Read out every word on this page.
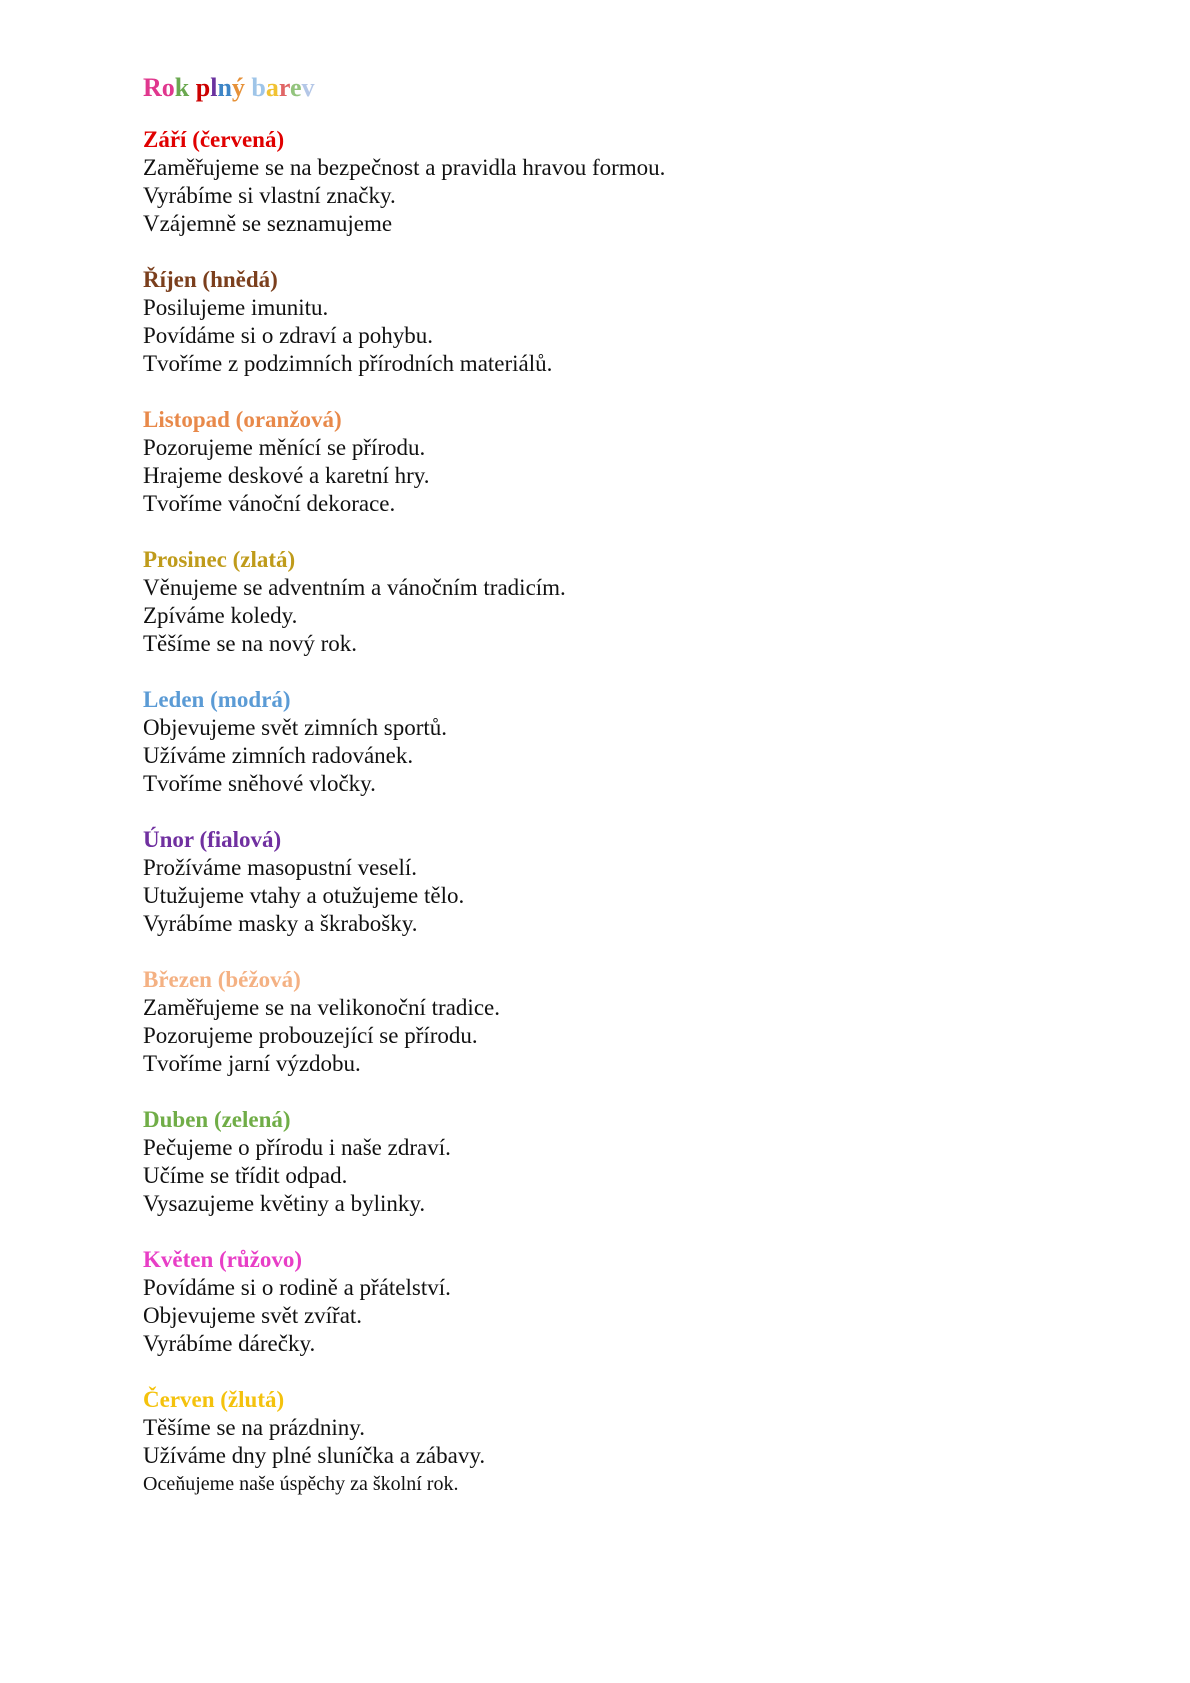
Rok plný barev
Září (červená)
Zaměřujeme se na bezpečnost a pravidla hravou formou.
Vyrábíme si vlastní značky.
Vzájemně se seznamujeme
Říjen (hnědá)
Posilujeme imunitu.
Povídáme si o zdraví a pohybu.
Tvoříme z podzimních přírodních materiálů.
Listopad (oranžová)
Pozorujeme měnící se přírodu.
Hrajeme deskové a karetní hry.
Tvoříme vánoční dekorace.
Prosinec (zlatá)
Věnujeme se adventním a vánočním tradicím.
Zpíváme koledy.
Těšíme se na nový rok.
Leden (modrá)
Objevujeme svět zimních sportů.
Užíváme zimních radovánek.
Tvoříme sněhové vločky.
Únor (fialová)
Prožíváme masopustní veselí.
Utužujeme vtahy a otužujeme tělo.
Vyrábíme masky a škrabošky.
Březen (béžová)
Zaměřujeme se na velikonoční tradice.
Pozorujeme probouzející se přírodu.
Tvoříme jarní výzdobu.
Duben (zelená)
Pečujeme o přírodu i naše zdraví.
Učíme se třídit odpad.
Vysazujeme květiny a bylinky.
Květen (růžovo)
Povídáme si o rodině a přátelství.
Objevujeme svět zvířat.
Vyrábíme dárečky.
Červen (žlutá)
Těšíme se na prázdniny.
Užíváme dny plné sluníčka a zábavy.
Oceňujeme naše úspěchy za školní rok.
